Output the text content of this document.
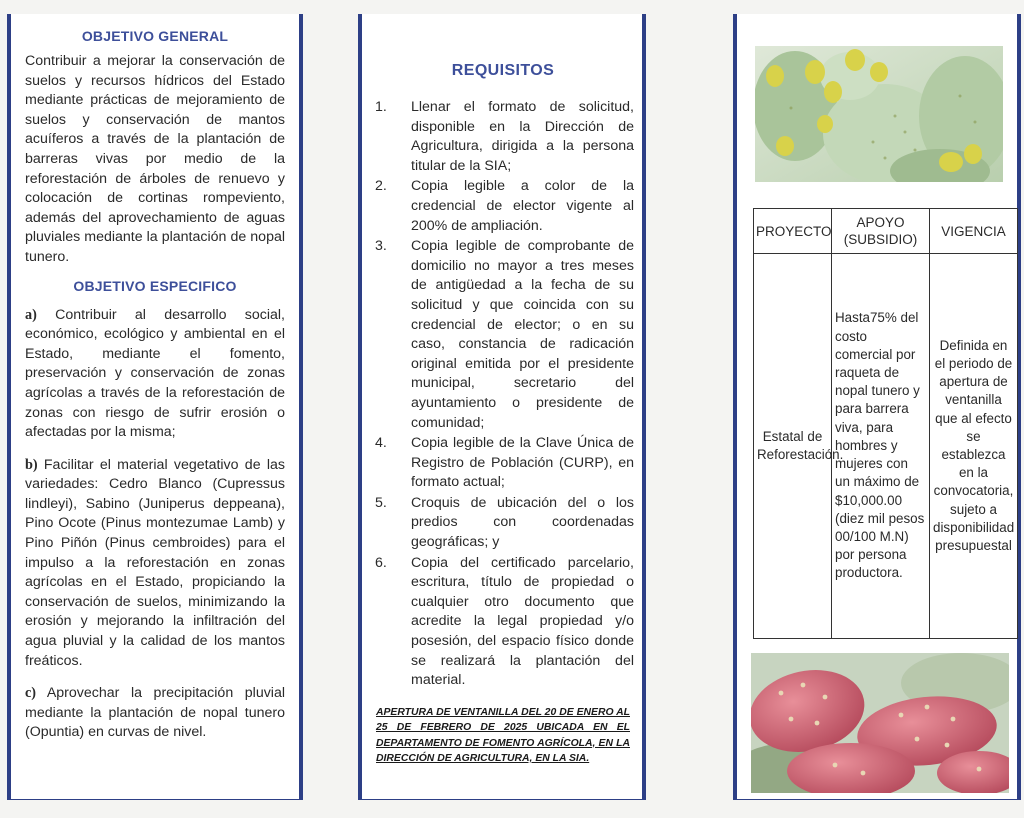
OBJETIVO GENERAL

Contribuir a mejorar la conservación de suelos y recursos hídricos del Estado mediante prácticas de mejoramiento de suelos y conservación de mantos acuíferos a través de la plantación de barreras vivas por medio de la reforestación de árboles de renuevo y colocación de cortinas rompeviento, además del aprovechamiento de aguas pluviales mediante la plantación de nopal tunero.

OBJETIVO ESPECIFICO

a) Contribuir al desarrollo social, económico, ecológico y ambiental en el Estado, mediante el fomento, preservación y conservación de zonas agrícolas a través de la reforestación de zonas con riesgo de sufrir erosión o afectadas por la misma;

b) Facilitar el material vegetativo de las variedades: Cedro Blanco (Cupressus lindleyi), Sabino (Juniperus deppeana), Pino Ocote (Pinus montezumae Lamb) y Pino Piñón (Pinus cembroides) para el impulso a la reforestación en zonas agrícolas en el Estado, propiciando la conservación de suelos, minimizando la erosión y mejorando la infiltración del agua pluvial y la calidad de los mantos freáticos.

c) Aprovechar la precipitación pluvial mediante la plantación de nopal tunero (Opuntia) en curvas de nivel.

REQUISITOS
1.	Llenar el formato de solicitud, disponible en la Dirección de Agricultura, dirigida a la persona titular de la SIA;
2.	Copia legible a color de la credencial de elector vigente al 200% de ampliación.
3.	Copia legible de comprobante de domicilio no mayor a tres meses de antigüedad a la fecha de su solicitud y que coincida con su credencial de elector; o en su caso, constancia de radicación original emitida por el presidente municipal, secretario del ayuntamiento o presidente de comunidad;
4.	Copia legible de la Clave Única de Registro de Población (CURP), en formato actual;
5.	Croquis de ubicación del o los predios con coordenadas geográficas; y
6.	Copia del certificado parcelario, escritura, título de propiedad o cualquier otro documento que acredite la legal propiedad y/o posesión, del espacio físico donde se realizará la plantación del material.

APERTURA DE VENTANILLA DEL 20 DE ENERO AL 25 DE FEBRERO DE 2025 UBICADA EN EL DEPARTAMENTO DE FOMENTO AGRÍCOLA, EN LA DIRECCIÓN DE AGRICULTURA, EN LA SIA.

PROYECTO	APOYO (SUBSIDIO)	VIGENCIA
Estatal de Reforestación.	Hasta75% del costo comercial por raqueta de nopal tunero y para barrera viva, para hombres y mujeres con un máximo de $10,000.00 (diez mil pesos 00/100 M.N) por persona productora.	Definida en el periodo de apertura de ventanilla que al efecto se establezca en la convocatoria, sujeto a disponibilidad presupuestal
